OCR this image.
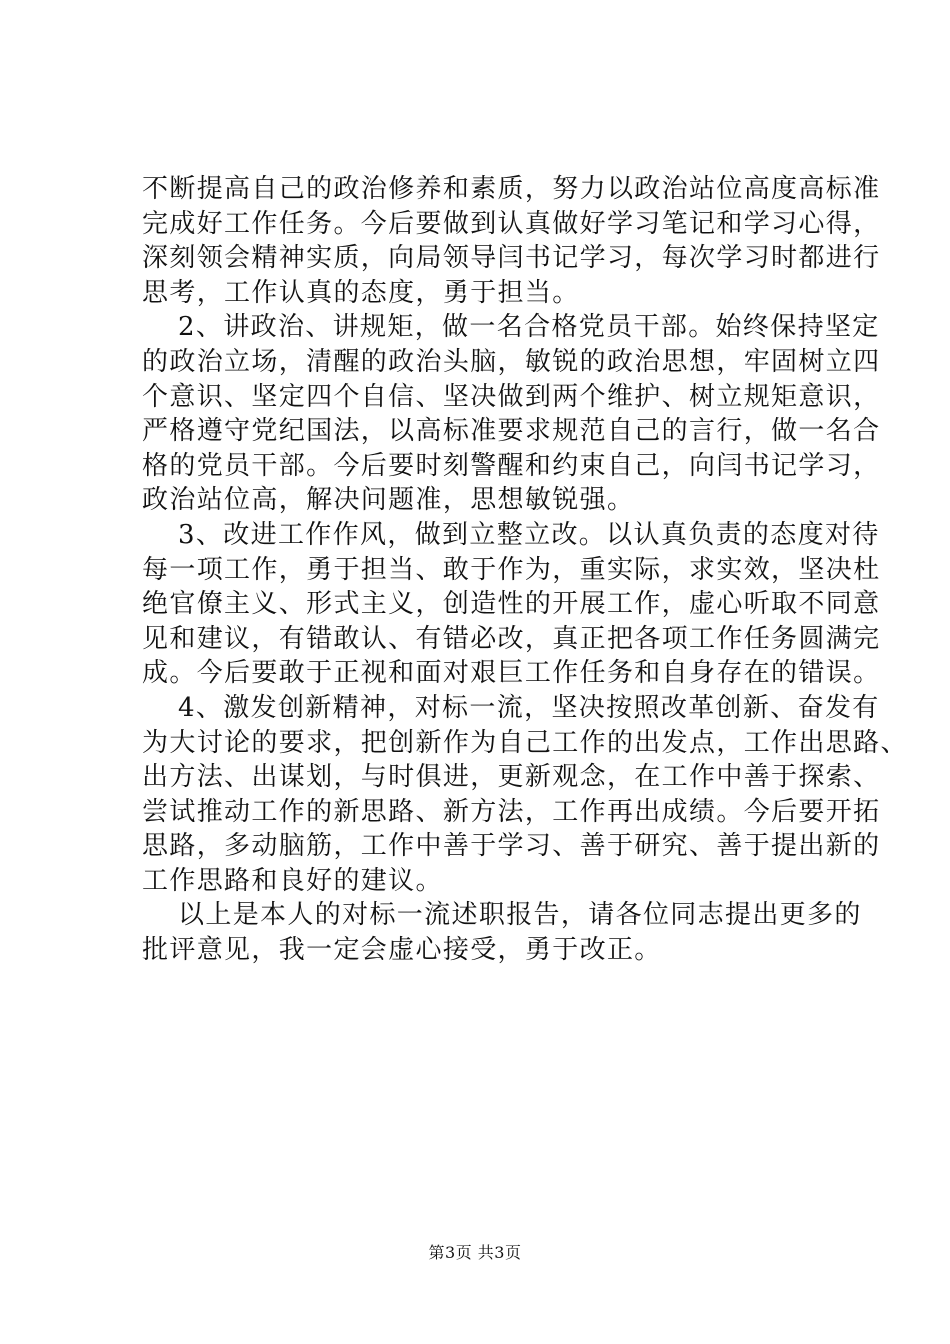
不断提高自己的政治修养和素质，努力以政治站位高度高标准
完成好工作任务。今后要做到认真做好学习笔记和学习心得，
深刻领会精神实质，向局领导闫书记学习，每次学习时都进行
思考，工作认真的态度，勇于担当。
2、讲政治、讲规矩，做一名合格党员干部。始终保持坚定
的政治立场，清醒的政治头脑，敏锐的政治思想，牢固树立四
个意识、坚定四个自信、坚决做到两个维护、树立规矩意识，
严格遵守党纪国法，以高标准要求规范自己的言行，做一名合
格的党员干部。今后要时刻警醒和约束自己，向闫书记学习，
政治站位高，解决问题准，思想敏锐强。
3、改进工作作风，做到立整立改。以认真负责的态度对待
每一项工作，勇于担当、敢于作为，重实际，求实效，坚决杜
绝官僚主义、形式主义，创造性的开展工作，虚心听取不同意
见和建议，有错敢认、有错必改，真正把各项工作任务圆满完
成。今后要敢于正视和面对艰巨工作任务和自身存在的错误。
4、激发创新精神，对标一流，坚决按照改革创新、奋发有
为大讨论的要求，把创新作为自己工作的出发点，工作出思路、
出方法、出谋划，与时俱进，更新观念，在工作中善于探索、
尝试推动工作的新思路、新方法，工作再出成绩。今后要开拓
思路，多动脑筋，工作中善于学习、善于研究、善于提出新的
工作思路和良好的建议。
以上是本人的对标一流述职报告，请各位同志提出更多的
批评意见，我一定会虚心接受，勇于改正。
第3页 共3页
